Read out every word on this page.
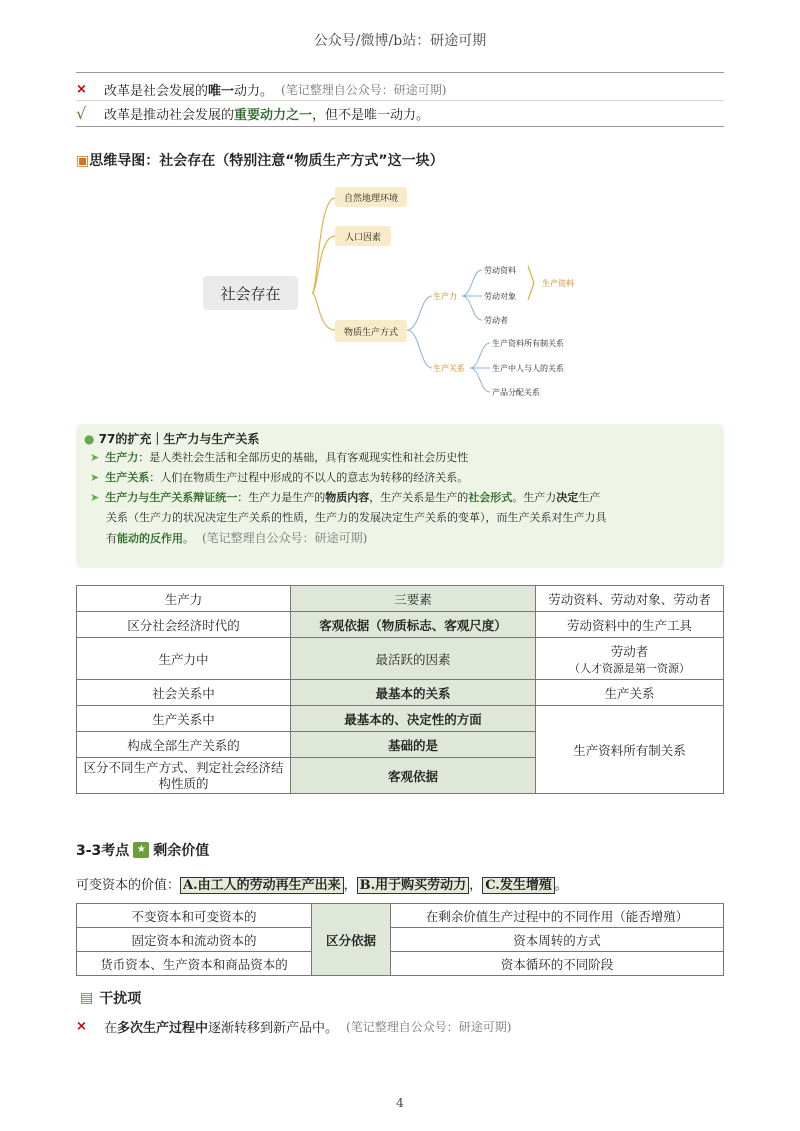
公众号/微博/b站：研途可期
×	改革是社会发展的 唯一 动力。 (笔记整理自公众号：研途可期)
√	改革是推动社会发展的 重要动力之一 ，但不是唯一动力。
▣思维导图：社会存在（特别注意“物质生产方式”这一块）
社会存在
自然地理环境
人口因素
物质生产方式
生产力
劳动资料
劳动对象
劳动者
生产资料
生产关系
生产资料所有制关系
生产中人与人的关系
产品分配关系
● 77的扩充｜生产力与生产关系
➤ 生产力：是人类社会生活和全部历史的基础，具有客观现实性和社会历史性
➤ 生产关系：人们在物质生产过程中形成的不以人的意志为转移的经济关系。
➤ 生产力与生产关系辩证统一：生产力是生产的物质内容，生产关系是生产的社会形式。生产力决定生产
关系（生产力的状况决定生产关系的性质，生产力的发展决定生产关系的变革），而生产关系对生产力具
有能动的反作用。 (笔记整理自公众号：研途可期)
生产力	三要素	劳动资料、劳动对象、劳动者
区分社会经济时代的	客观依据（物质标志、客观尺度）	劳动资料中的生产工具
生产力中	最活跃的因素	劳动者
（人才资源是第一资源）

社会关系中	最基本的关系	生产关系
生产关系中	最基本的、决定性的方面	生产资料所有制关系
构成全部生产关系的	基础的是	
区分不同生产方式、判定社会经济结构性质的	客观依据	
3-3考点 ★ 剩余价值
可变资本的价值： A.由工人的劳动再生产出来 ， B.用于购买劳动力 ， C.发生增殖 。
不变资本和可变资本的	区分依据	在剩余价值生产过程中的不同作用（能否增殖）
固定资本和流动资本的		资本周转的方式
货币资本、生产资本和商品资本的		资本循环的不同阶段
▤ 干扰项
×	在 多次生产过程中 逐渐转移到新产品中。 (笔记整理自公众号：研途可期)
4
